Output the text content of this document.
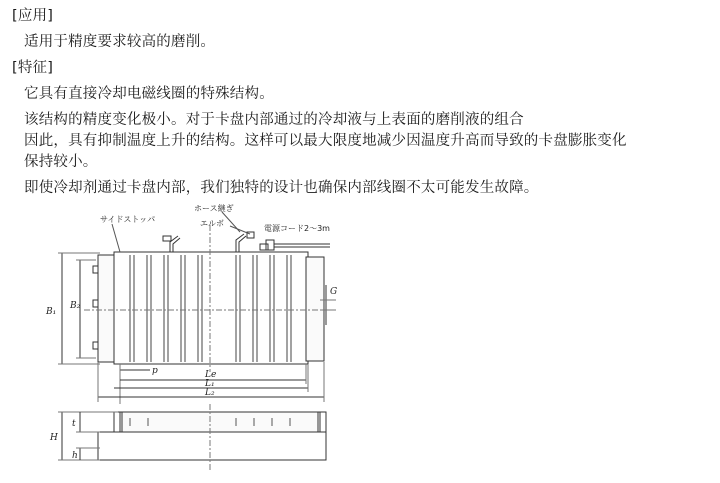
[应用]
适用于精度要求较高的磨削。
[特征]
它具有直接冷却电磁线圈的特殊结构。
该结构的精度变化极小。对于卡盘内部通过的冷却液与上表面的磨削液的组合
因此，具有抑制温度上升的结构。这样可以最大限度地减少因温度升高而导致的卡盘膨胀变化
保持较小。
即使冷却剂通过卡盘内部，我们独特的设计也确保内部线圈不太可能发生故障。
サイドストッパ
ホース継ぎ
エルボ
電源コード2～3m
B₁
B₂
G
p	Le
L₁
L₂
H
t
h
